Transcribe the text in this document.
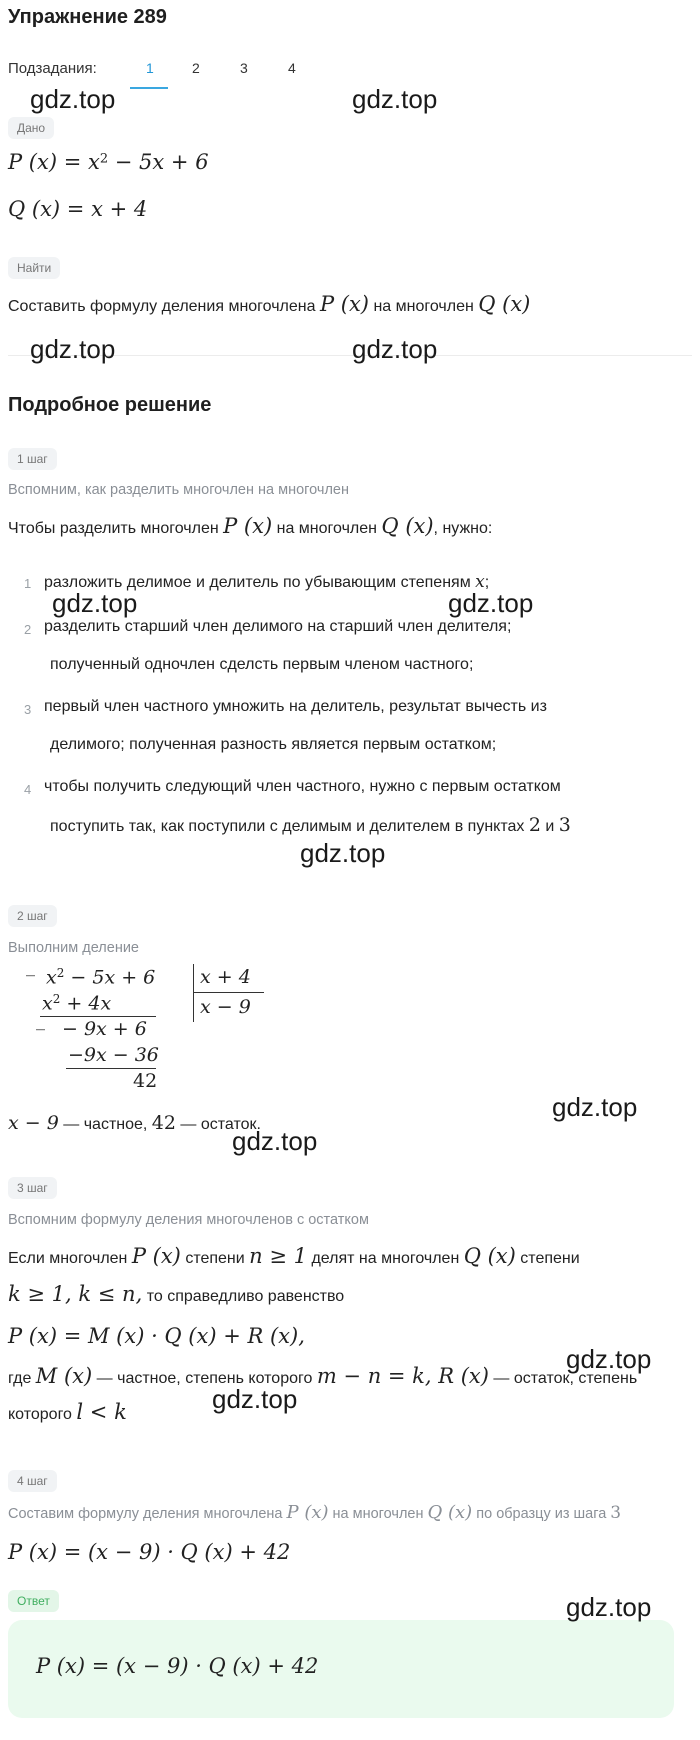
Упражнение 289
Подзадания:	1	2	3	4
Дано
P $(x) = x^2 - 5x + 6$
Q (x) = x + 4
Найти
Составить формулу деления многочлена P (x) на многочлен Q (x)
Подробное решение
1 шаг
Вспомним, как разделить многочлен на многочлен
Чтобы разделить многочлен P (x) на многочлен Q (x), нужно:
1 разложить делимое и делитель по убывающим степеням x;
2 разделить старший член делимого на старший член делителя;
полученный одночлен сделсть первым членом частного;
3 первый член частного умножить на делитель, результат вычесть из
делимого; полученная разность является первым остатком;
4 чтобы получить следующий член частного, нужно с первым остатком
поступить так, как поступили с делимым и делителем в пунктах 2 и 3
2 шаг
Выполним деление
_ $x^2 - 5x + 6$
$x^2 + 4x$
_ − 9x + 6
−9x − 36
42
x + 4
x − 9
x − 9 — частное, 42 — остаток.
3 шаг
Вспомним формулу деления многочленов с остатком
Если многочлен P (x) степени n ≥ 1 делят на многочлен Q (x) степени
k ≥ 1, k ≤ n, то справедливо равенство
P (x) = M (x) · Q (x) + R (x),
где M (x) — частное, степень которого m − n = k, R (x) — остаток, степень
которого l < k
4 шаг
Составим формулу деления многочлена P (x) на многочлен Q (x) по образцу из шага 3
P (x) = (x − 9) · Q (x) + 42
Ответ
P (x) = (x − 9) · Q (x) + 42
gdz.top	gdz.top
gdz.top	gdz.top
gdz.top	gdz.top
gdz.top
gdz.top
gdz.top
gdz.top
gdz.top
gdz.top
